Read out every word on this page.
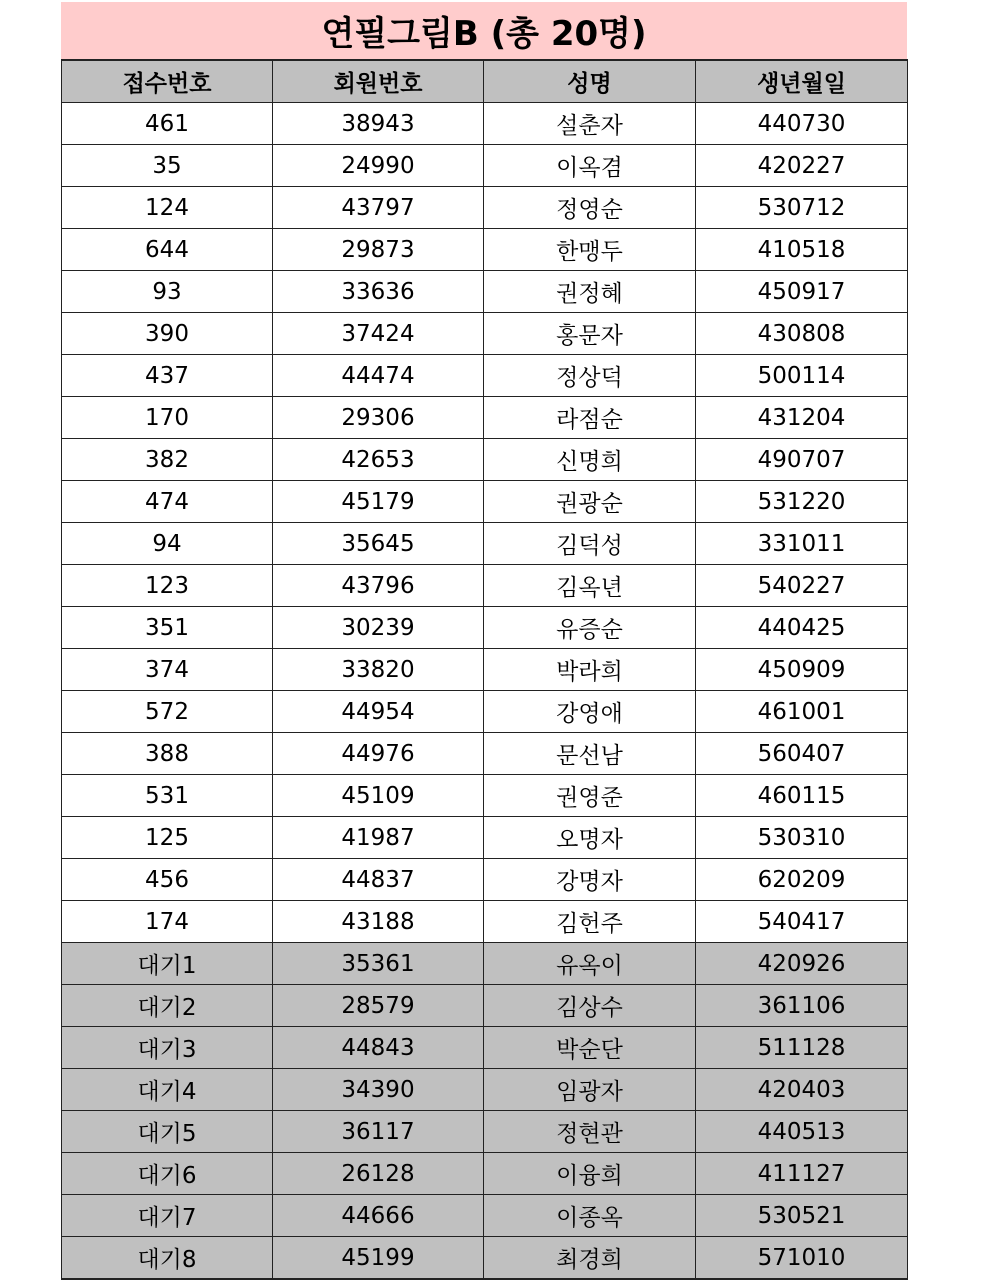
연필그림B (총 20명)
접수번호	회원번호	성명	생년월일
461	38943	설춘자	440730
35	24990	이옥겸	420227
124	43797	정영순	530712
644	29873	한맹두	410518
93	33636	권정혜	450917
390	37424	홍문자	430808
437	44474	정상덕	500114
170	29306	라점순	431204
382	42653	신명희	490707
474	45179	권광순	531220
94	35645	김덕성	331011
123	43796	김옥년	540227
351	30239	유증순	440425
374	33820	박라희	450909
572	44954	강영애	461001
388	44976	문선남	560407
531	45109	권영준	460115
125	41987	오명자	530310
456	44837	강명자	620209
174	43188	김헌주	540417
대기1	35361	유옥이	420926
대기2	28579	김상수	361106
대기3	44843	박순단	511128
대기4	34390	임광자	420403
대기5	36117	정현관	440513
대기6	26128	이융희	411127
대기7	44666	이종옥	530521
대기8	45199	최경희	571010
